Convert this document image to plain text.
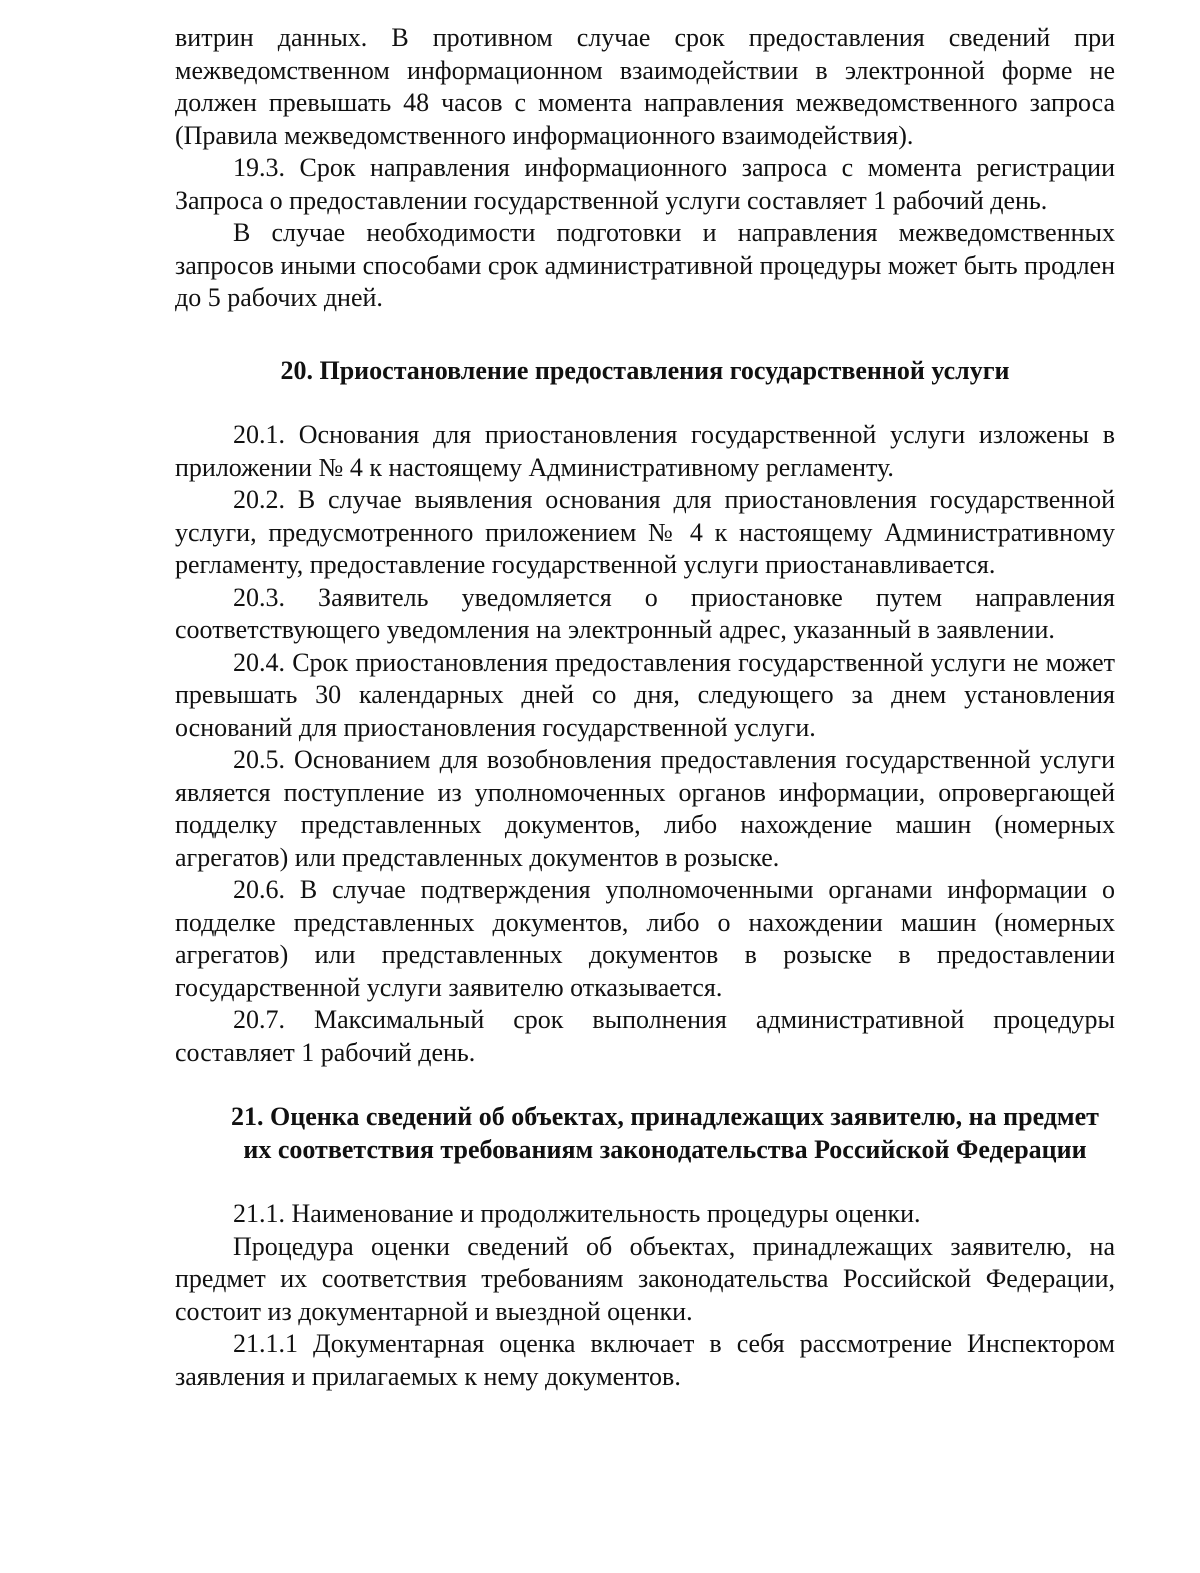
витрин данных. В противном случае срок предоставления сведений при межведомственном информационном взаимодействии в электронной форме не должен превышать 48 часов с момента направления межведомственного запроса (Правила межведомственного информационного взаимодействия).

19.3. Срок направления информационного запроса с момента регистрации Запроса о предоставлении государственной услуги составляет 1 рабочий день.

В случае необходимости подготовки и направления межведомственных запросов иными способами срок административной процедуры может быть продлен до 5 рабочих дней.

20. Приостановление предоставления государственной услуги

20.1. Основания для приостановления государственной услуги изложены в приложении № 4 к настоящему Административному регламенту.

20.2. В случае выявления основания для приостановления государственной услуги, предусмотренного приложением № 4 к настоящему Административному регламенту, предоставление государственной услуги приостанавливается.

20.3. Заявитель уведомляется о приостановке путем направления соответствующего уведомления на электронный адрес, указанный в заявлении.

20.4. Срок приостановления предоставления государственной услуги не может превышать 30 календарных дней со дня, следующего за днем установления оснований для приостановления государственной услуги.

20.5. Основанием для возобновления предоставления государственной услуги является поступление из уполномоченных органов информации, опровергающей подделку представленных документов, либо нахождение машин (номерных агрегатов) или представленных документов в розыске.

20.6. В случае подтверждения уполномоченными органами информации о подделке представленных документов, либо о нахождении машин (номерных агрегатов) или представленных документов в розыске в предоставлении государственной услуги заявителю отказывается.

20.7. Максимальный срок выполнения административной процедуры составляет 1 рабочий день.

21. Оценка сведений об объектах, принадлежащих заявителю, на предмет их соответствия требованиям законодательства Российской Федерации

21.1. Наименование и продолжительность процедуры оценки.

Процедура оценки сведений об объектах, принадлежащих заявителю, на предмет их соответствия требованиям законодательства Российской Федерации, состоит из документарной и выездной оценки.

21.1.1 Документарная оценка включает в себя рассмотрение Инспектором заявления и прилагаемых к нему документов.
